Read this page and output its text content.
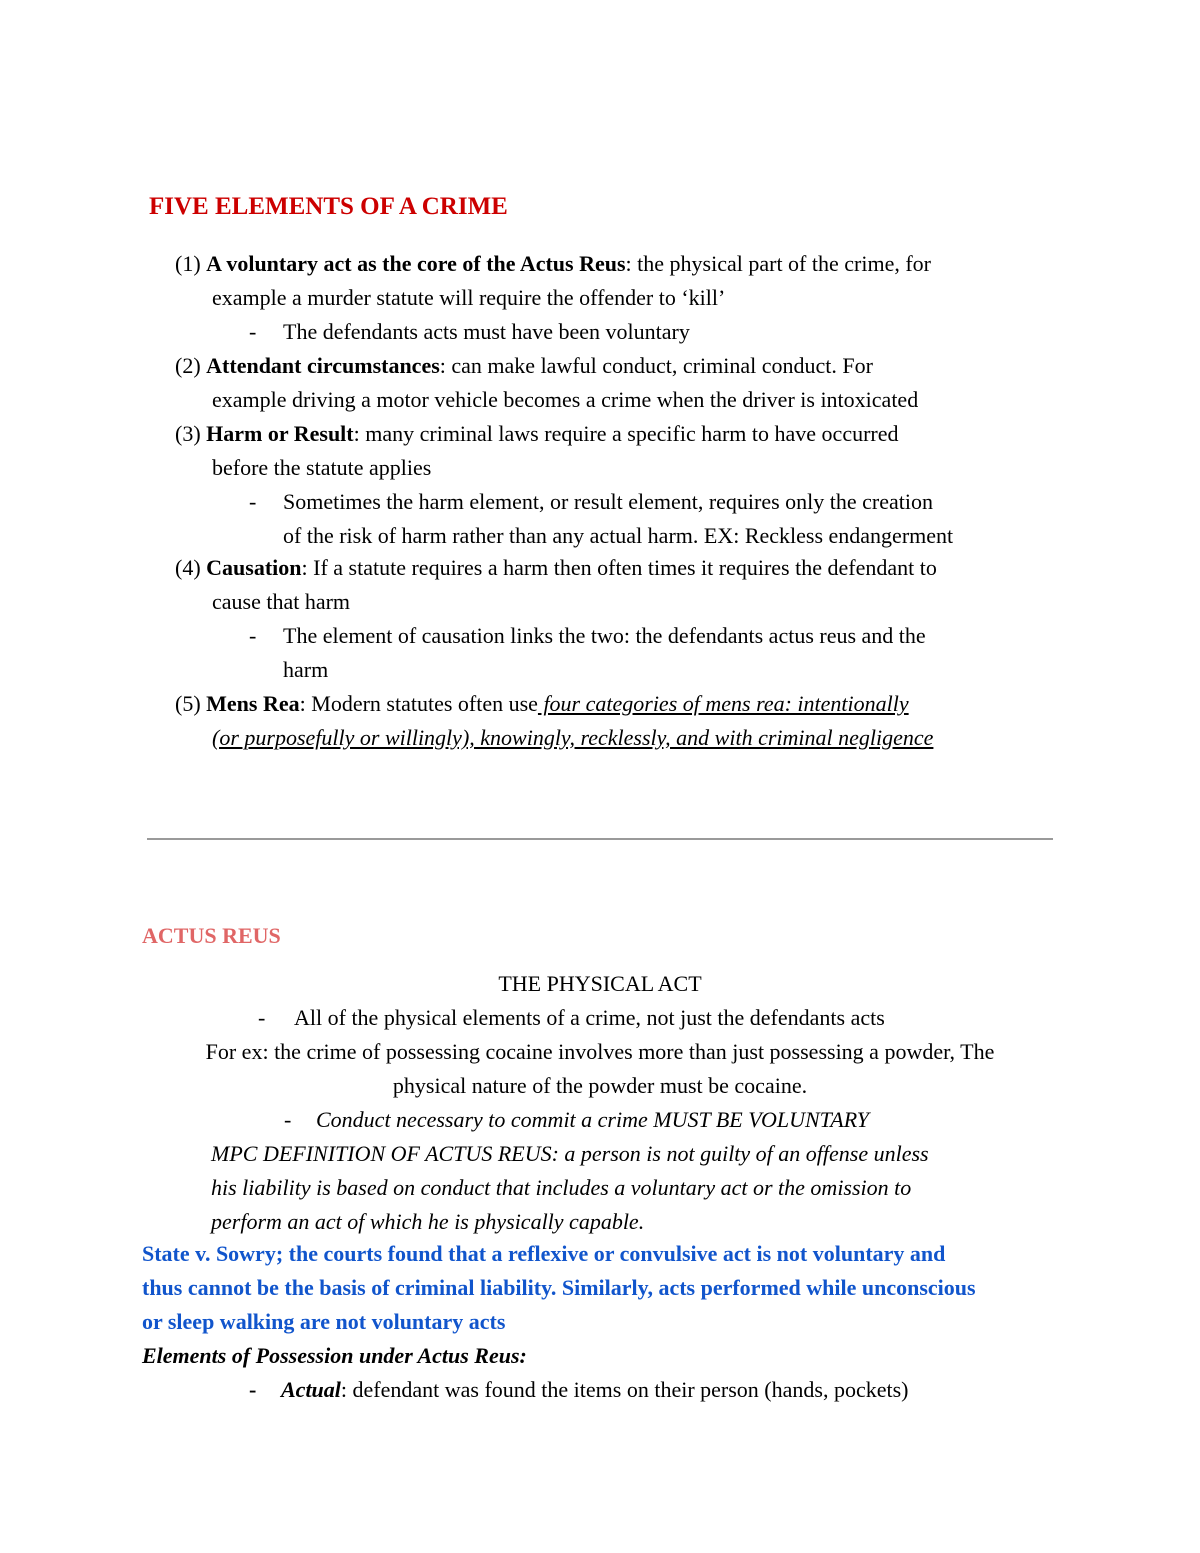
FIVE ELEMENTS OF A CRIME
(1) A voluntary act as the core of the Actus Reus: the physical part of the crime, for
example a murder statute will require the offender to ‘kill’
- The defendants acts must have been voluntary
(2) Attendant circumstances: can make lawful conduct, criminal conduct. For
example driving a motor vehicle becomes a crime when the driver is intoxicated
(3) Harm or Result: many criminal laws require a specific harm to have occurred
before the statute applies
- Sometimes the harm element, or result element, requires only the creation
of the risk of harm rather than any actual harm. EX: Reckless endangerment
(4) Causation: If a statute requires a harm then often times it requires the defendant to
cause that harm
- The element of causation links the two: the defendants actus reus and the
harm
(5) Mens Rea: Modern statutes often use four categories of mens rea: intentionally
(or purposefully or willingly), knowingly, recklessly, and with criminal negligence
ACTUS REUS
THE PHYSICAL ACT
- All of the physical elements of a crime, not just the defendants acts
For ex: the crime of possessing cocaine involves more than just possessing a powder, The
physical nature of the powder must be cocaine.
- Conduct necessary to commit a crime MUST BE VOLUNTARY
MPC DEFINITION OF ACTUS REUS: a person is not guilty of an offense unless
his liability is based on conduct that includes a voluntary act or the omission to
perform an act of which he is physically capable.
State v. Sowry; the courts found that a reflexive or convulsive act is not voluntary and
thus cannot be the basis of criminal liability. Similarly, acts performed while unconscious
or sleep walking are not voluntary acts
Elements of Possession under Actus Reus:
- Actual: defendant was found the items on their person (hands, pockets)
